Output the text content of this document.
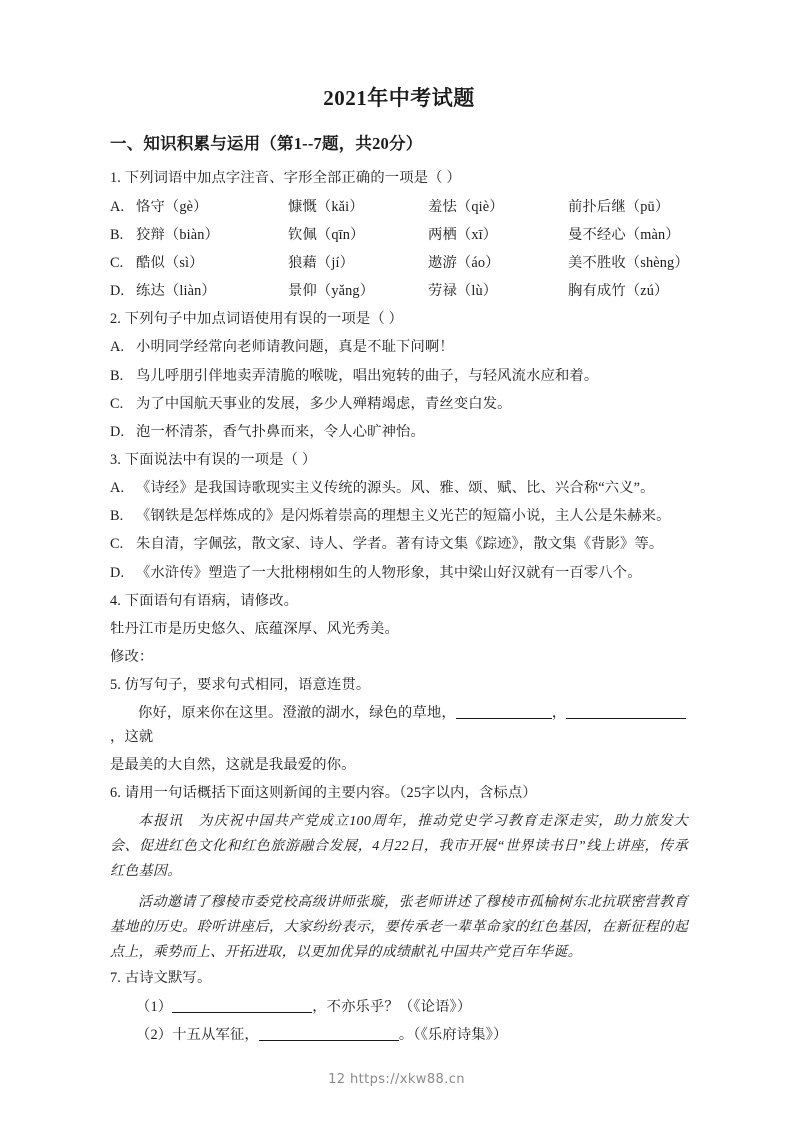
2021年中考试题
一、知识积累与运用（第1--7题，共20分）
1. 下列词语中加点字注音、字形全部正确的一项是（ ）
A. 恪守（gè）	慷慨（kǎi）	羞怯（qiè）	前扑后继（pū）
B. 狡辩（biàn）	钦佩（qīn）	两栖（xī）	曼不经心（màn）
C. 酷似（sì）	狼藉（jí）	遨游（áo）	美不胜收（shèng）
D. 练达（liàn）	景仰（yǎng）	劳禄（lù）	胸有成竹（zú）
2. 下列句子中加点词语使用有误的一项是（ ）
A. 小明同学经常向老师请教问题，真是不耻下问啊！
B. 鸟儿呼朋引伴地卖弄清脆的喉咙，唱出宛转的曲子，与轻风流水应和着。
C. 为了中国航天事业的发展，多少人殚精竭虑，青丝变白发。
D. 泡一杯清茶，香气扑鼻而来，令人心旷神怡。
3. 下面说法中有误的一项是（ ）
A. 《诗经》是我国诗歌现实主义传统的源头。风、雅、颂、赋、比、兴合称“六义”。
B. 《钢铁是怎样炼成的》是闪烁着崇高的理想主义光芒的短篇小说，主人公是朱赫来。
C. 朱自清，字佩弦，散文家、诗人、学者。著有诗文集《踪迹》，散文集《背影》等。
D. 《水浒传》塑造了一大批栩栩如生的人物形象，其中梁山好汉就有一百零八个。
4. 下面语句有语病，请修改。
牡丹江市是历史悠久、底蕴深厚、风光秀美。
修改：
5. 仿写句子，要求句式相同，语意连贯。
你好，原来你在这里。澄澈的湖水，绿色的草地，	，，这就
是最美的大自然，这就是我最爱的你。
6. 请用一句话概括下面这则新闻的主要内容。（25字以内，含标点）
本报讯　为庆祝中国共产党成立100周年，推动党史学习教育走深走实，助力旅发大会、促进红色文化和红色旅游融合发展，4月22日，我市开展“世界读书日”线上讲座，传承红色基因。
活动邀请了穆棱市委党校高级讲师张璇，张老师讲述了穆棱市孤榆树东北抗联密营教育基地的历史。聆听讲座后，大家纷纷表示，要传承老一辈革命家的红色基因，在新征程的起点上，乘势而上、开拓进取，以更加优异的成绩献礼中国共产党百年华诞。
7. 古诗文默写。
（1）	，不亦乐乎？（《论语》）
（2）十五从军征，	。（《乐府诗集》）
12 https://xkw88.cn
